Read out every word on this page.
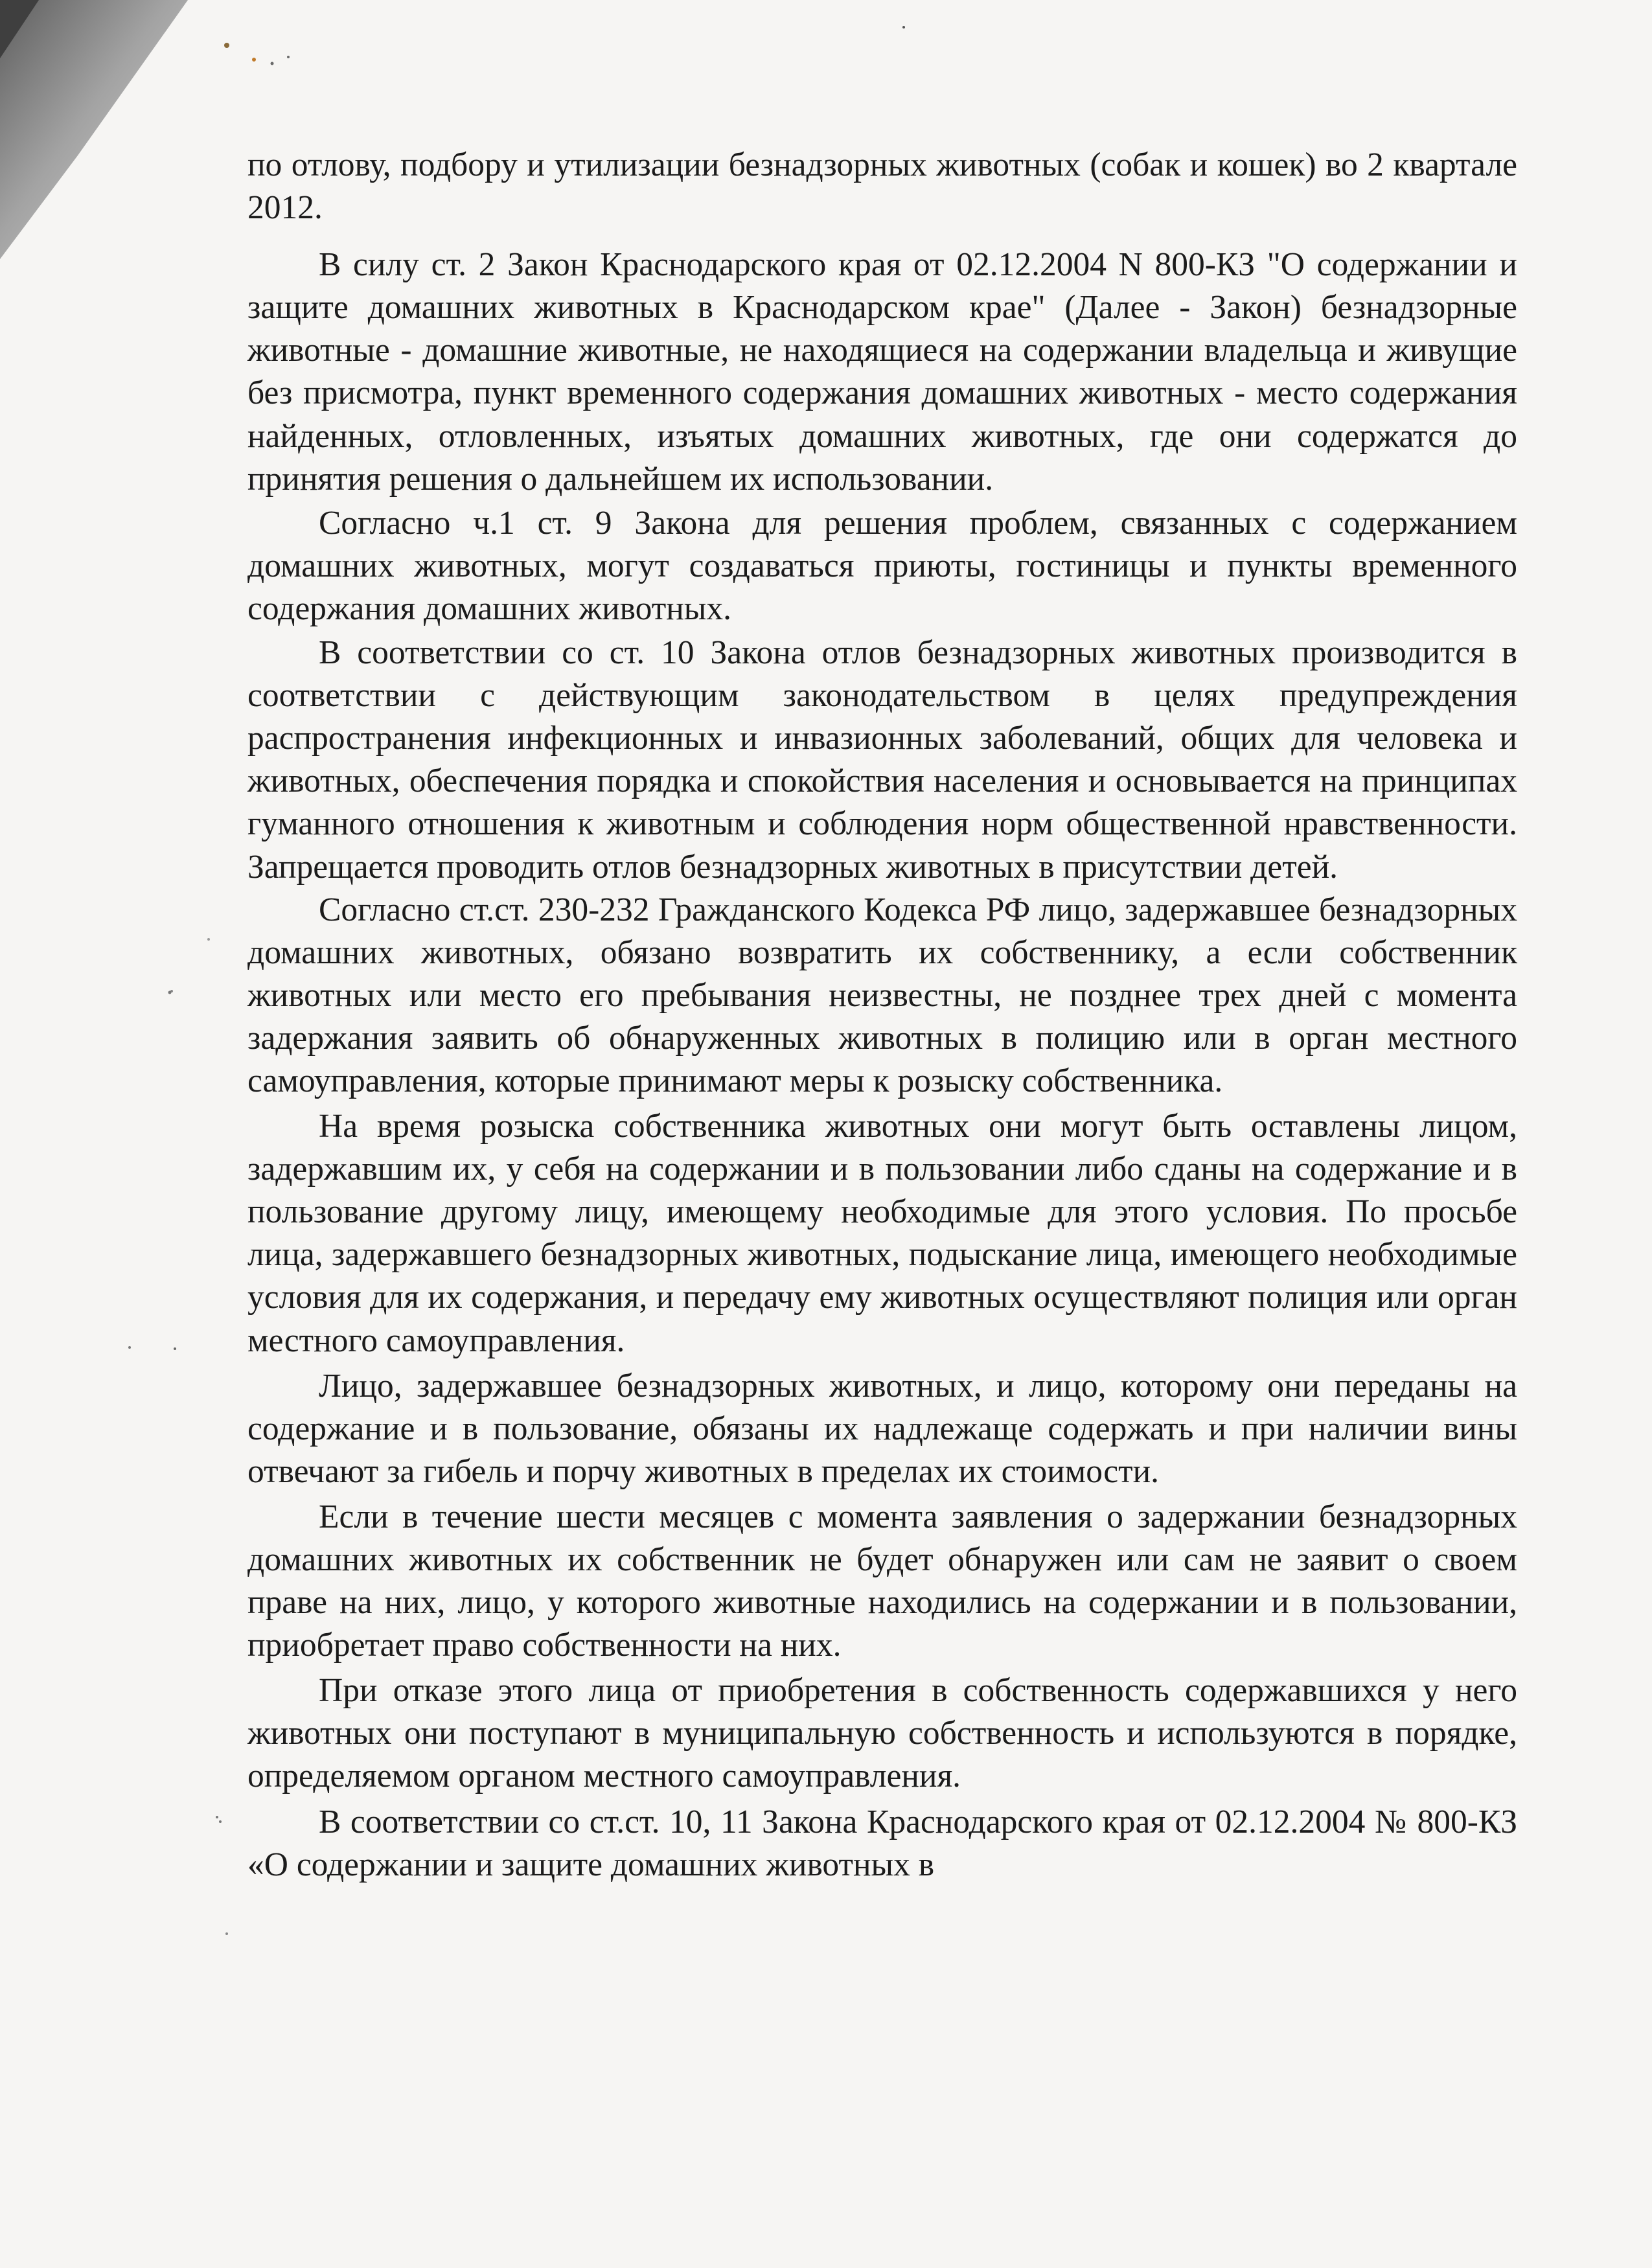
по отлову, подбору и утилизации безнадзорных животных (собак и кошек) во 2 квартале 2012.

В силу ст. 2 Закон Краснодарского края от 02.12.2004 N 800-КЗ "О содержании и защите домашних животных в Краснодарском крае" (Далее - Закон) безнадзорные животные - домашние животные, не находящиеся на содержании владельца и живущие без присмотра, пункт временного содержания домашних животных - место содержания найденных, отловленных, изъятых домашних животных, где они содержатся до принятия решения о дальнейшем их использовании.

Согласно ч.1 ст. 9 Закона для решения проблем, связанных с содержанием домашних животных, могут создаваться приюты, гостиницы и пункты временного содержания домашних животных.

В соответствии со ст. 10 Закона отлов безнадзорных животных производится в соответствии с действующим законодательством в целях предупреждения распространения инфекционных и инвазионных заболеваний, общих для человека и животных, обеспечения порядка и спокойствия населения и основывается на принципах гуманного отношения к животным и соблюдения норм общественной нравственности. Запрещается проводить отлов безнадзорных животных в присутствии детей.

Согласно ст.ст. 230-232 Гражданского Кодекса РФ лицо, задержавшее безнадзорных домашних животных, обязано возвратить их собственнику, а если собственник животных или место его пребывания неизвестны, не позднее трех дней с момента задержания заявить об обнаруженных животных в полицию или в орган местного самоуправления, которые принимают меры к розыску собственника.

На время розыска собственника животных они могут быть оставлены лицом, задержавшим их, у себя на содержании и в пользовании либо сданы на содержание и в пользование другому лицу, имеющему необходимые для этого условия. По просьбе лица, задержавшего безнадзорных животных, подыскание лица, имеющего необходимые условия для их содержания, и передачу ему животных осуществляют полиция или орган местного самоуправления.

Лицо, задержавшее безнадзорных животных, и лицо, которому они переданы на содержание и в пользование, обязаны их надлежаще содержать и при наличии вины отвечают за гибель и порчу животных в пределах их стоимости.

Если в течение шести месяцев с момента заявления о задержании безнадзорных домашних животных их собственник не будет обнаружен или сам не заявит о своем праве на них, лицо, у которого животные находились на содержании и в пользовании, приобретает право собственности на них.

При отказе этого лица от приобретения в собственность содержавшихся у него животных они поступают в муниципальную собственность и используются в порядке, определяемом органом местного самоуправления.

В соответствии со ст.ст. 10, 11 Закона Краснодарского края от 02.12.2004 № 800-КЗ «О содержании и защите домашних животных в
